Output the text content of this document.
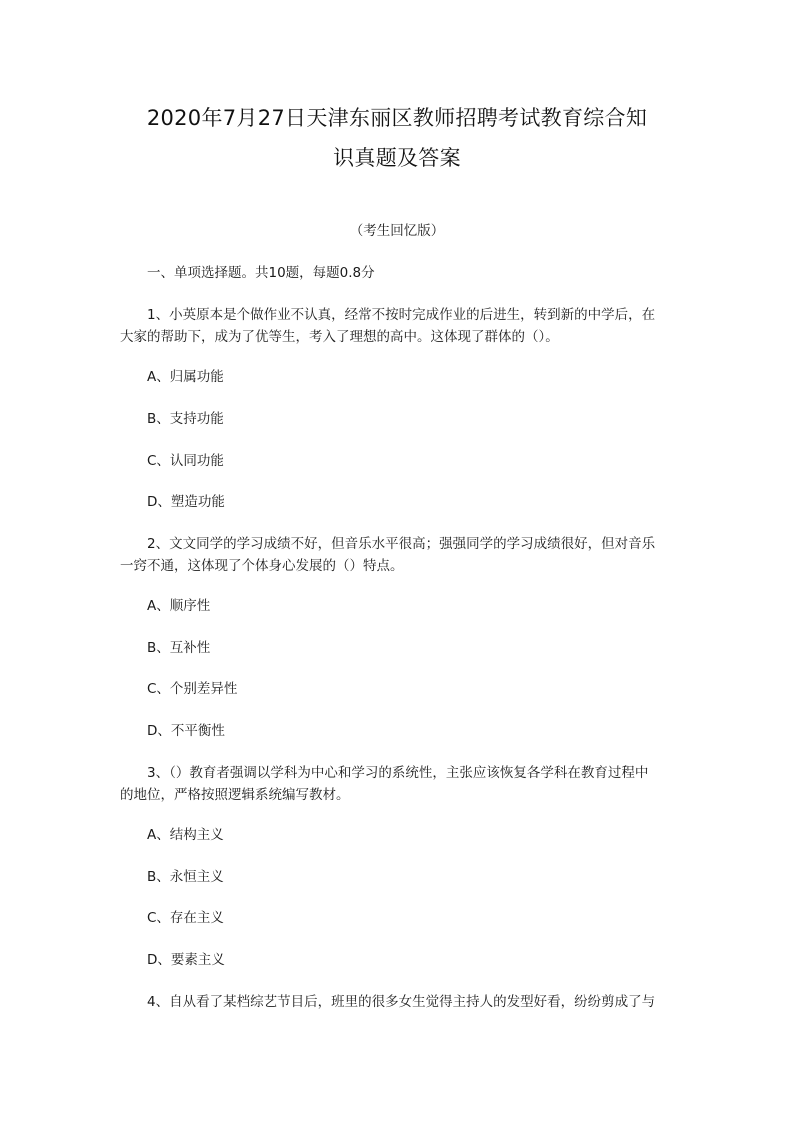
2020年7月27日天津东丽区教师招聘考试教育综合知
识真题及答案
（考生回忆版）
一、单项选择题。共10题，每题0.8分
1、小英原本是个做作业不认真，经常不按时完成作业的后进生，转到新的中学后，在
大家的帮助下，成为了优等生，考入了理想的高中。这体现了群体的（）。
A、归属功能
B、支持功能
C、认同功能
D、塑造功能
2、文文同学的学习成绩不好，但音乐水平很高；强强同学的学习成绩很好，但对音乐
一窍不通，这体现了个体身心发展的（）特点。
A、顺序性
B、互补性
C、个别差异性
D、不平衡性
3、（）教育者强调以学科为中心和学习的系统性，主张应该恢复各学科在教育过程中
的地位，严格按照逻辑系统编写教材。
A、结构主义
B、永恒主义
C、存在主义
D、要素主义
4、自从看了某档综艺节目后，班里的很多女生觉得主持人的发型好看，纷纷剪成了与
